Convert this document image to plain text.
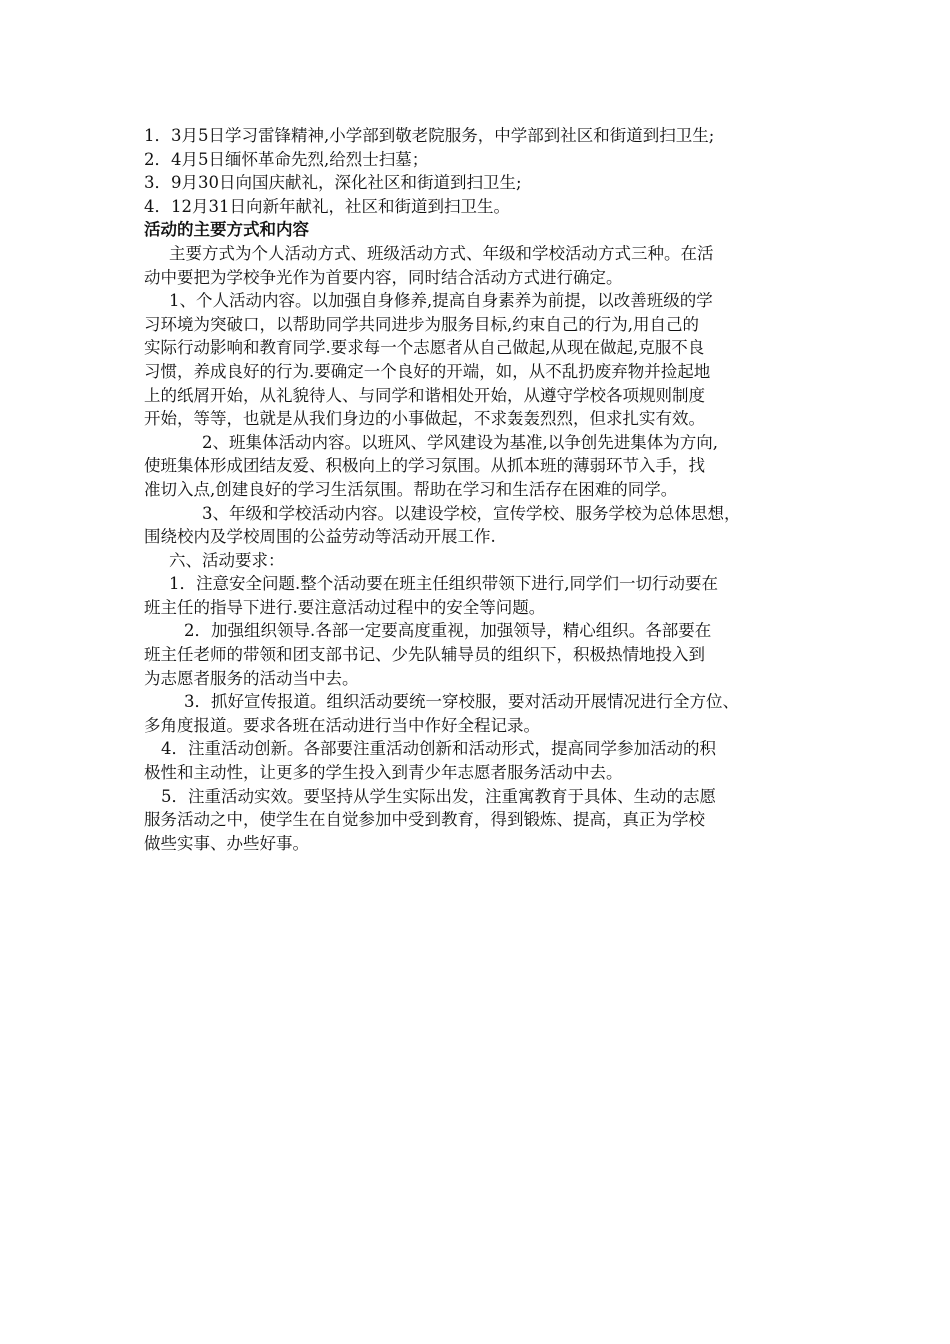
1．3月5日学习雷锋精神,小学部到敬老院服务，中学部到社区和街道到扫卫生;

2．4月5日缅怀革命先烈,给烈士扫墓；

3．9月30日向国庆献礼，深化社区和街道到扫卫生;

4．12月31日向新年献礼，社区和街道到扫卫生。

活动的主要方式和内容

主要方式为个人活动方式、班级活动方式、年级和学校活动方式三种。在活

动中要把为学校争光作为首要内容，同时结合活动方式进行确定。

1、个人活动内容。以加强自身修养,提高自身素养为前提，以改善班级的学

习环境为突破口，以帮助同学共同进步为服务目标,约束自己的行为,用自己的

实际行动影响和教育同学.要求每一个志愿者从自己做起,从现在做起,克服不良

习惯，养成良好的行为.要确定一个良好的开端，如，从不乱扔废弃物并捡起地

上的纸屑开始，从礼貌待人、与同学和谐相处开始，从遵守学校各项规则制度

开始，等等，也就是从我们身边的小事做起，不求轰轰烈烈，但求扎实有效。

2、班集体活动内容。以班风、学风建设为基准,以争创先进集体为方向,

使班集体形成团结友爱、积极向上的学习氛围。从抓本班的薄弱环节入手，找

准切入点,创建良好的学习生活氛围。帮助在学习和生活存在困难的同学。

3、年级和学校活动内容。以建设学校，宣传学校、服务学校为总体思想，

围绕校内及学校周围的公益劳动等活动开展工作.

六、活动要求：

1．注意安全问题.整个活动要在班主任组织带领下进行,同学们一切行动要在

班主任的指导下进行.要注意活动过程中的安全等问题。

2．加强组织领导.各部一定要高度重视，加强领导，精心组织。各部要在

班主任老师的带领和团支部书记、少先队辅导员的组织下，积极热情地投入到

为志愿者服务的活动当中去。

3．抓好宣传报道。组织活动要统一穿校服，要对活动开展情况进行全方位、

多角度报道。要求各班在活动进行当中作好全程记录。

4．注重活动创新。各部要注重活动创新和活动形式，提高同学参加活动的积

极性和主动性，让更多的学生投入到青少年志愿者服务活动中去。

5．注重活动实效。要坚持从学生实际出发，注重寓教育于具体、生动的志愿

服务活动之中，使学生在自觉参加中受到教育，得到锻炼、提高，真正为学校

做些实事、办些好事。
